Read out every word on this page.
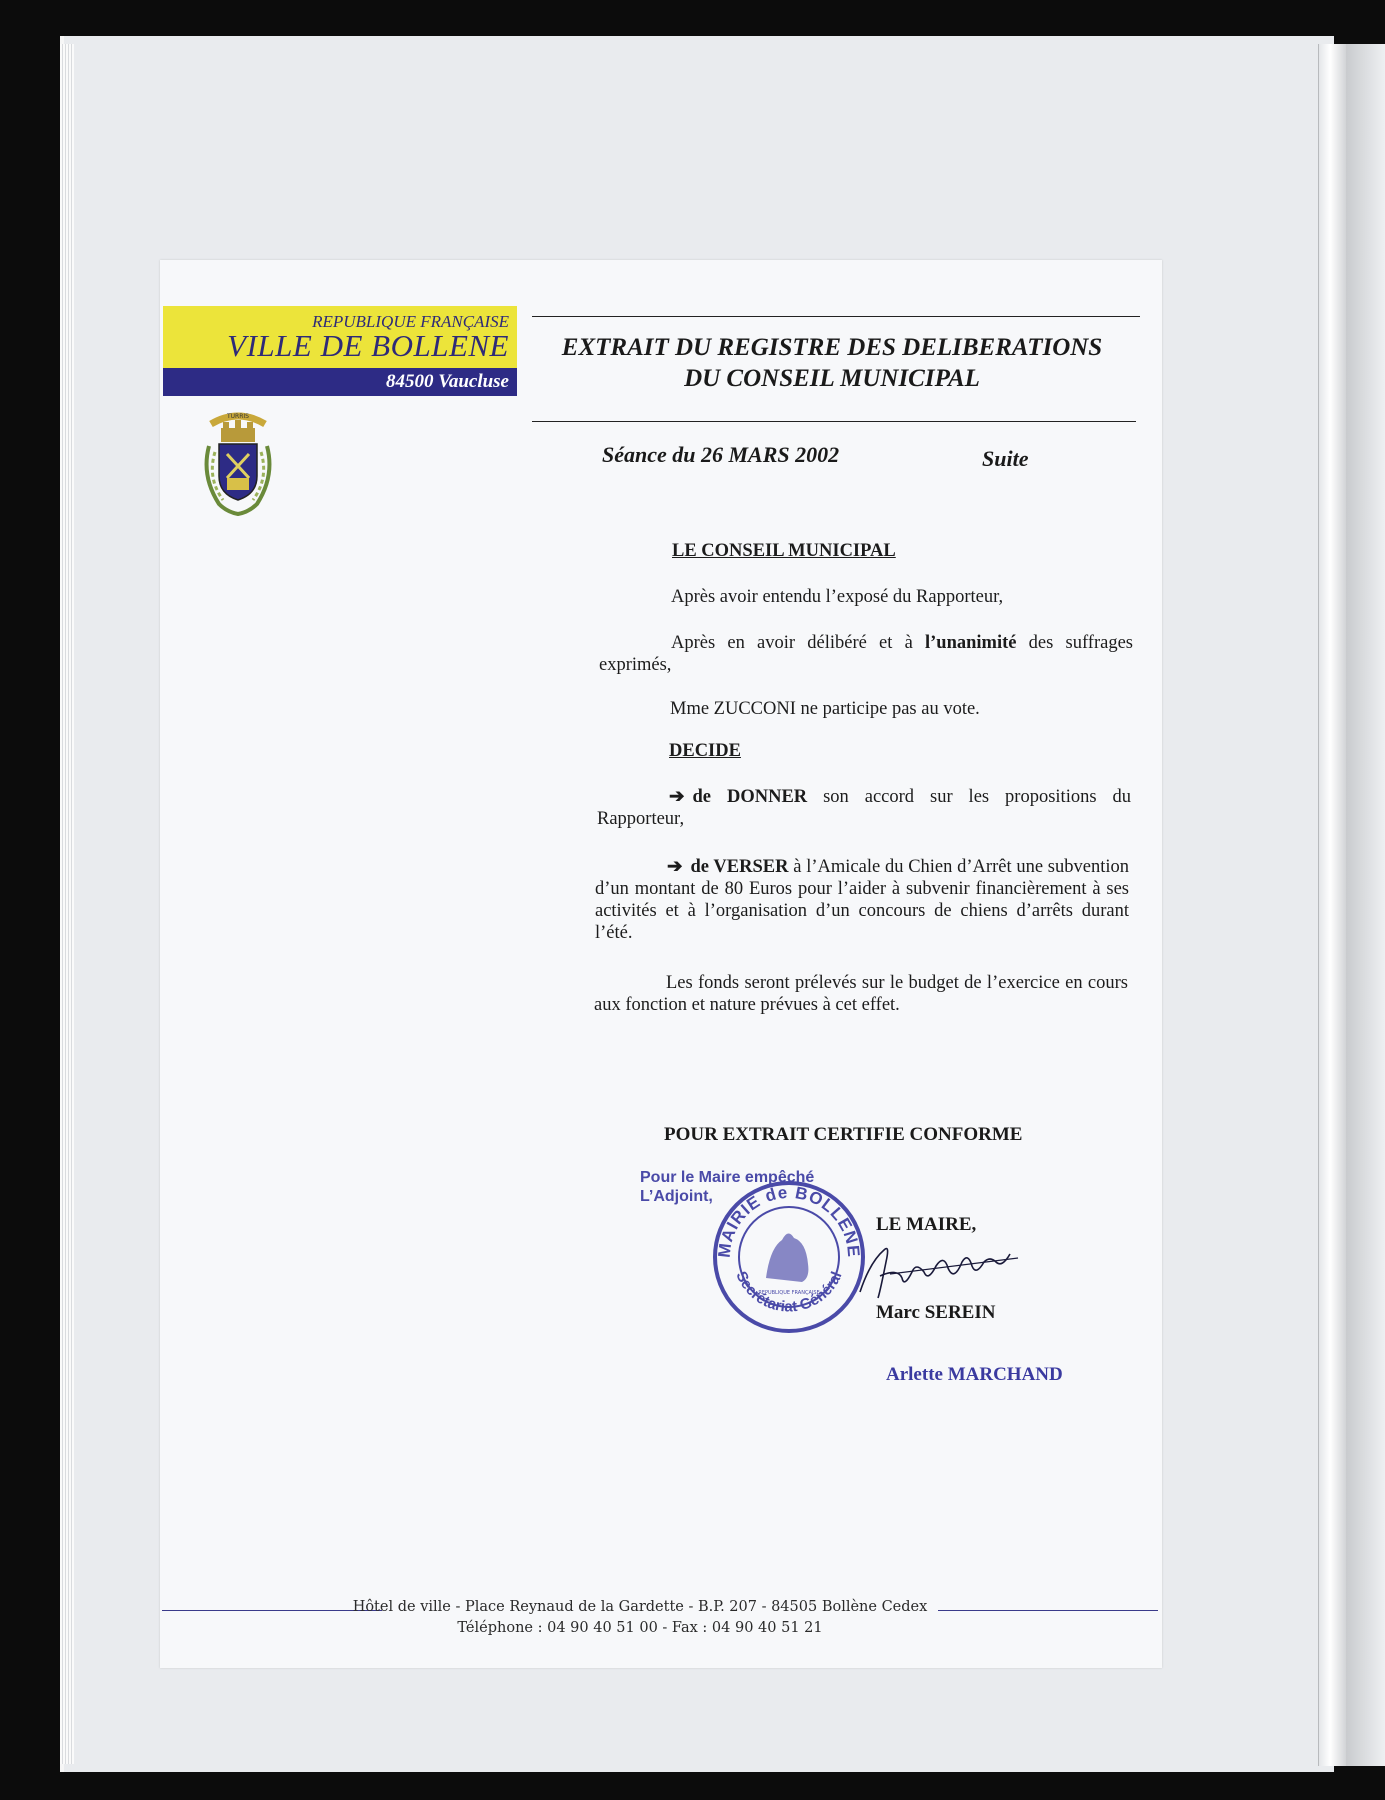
REPUBLIQUE FRANÇAISE
VILLE DE BOLLENE
84500 Vaucluse
TURRIS
EXTRAIT DU REGISTRE DES DELIBERATIONS
DU CONSEIL MUNICIPAL
Séance du 26 MARS 2002	Suite
LE CONSEIL MUNICIPAL
Après avoir entendu l’exposé du Rapporteur,
Après en avoir délibéré et à l’unanimité des suffrages exprimés,
Mme ZUCCONI ne participe pas au vote.
DECIDE
➔ de DONNER son accord sur les propositions du Rapporteur,
➔ de VERSER à l’Amicale du Chien d’Arrêt une subvention d’un montant de 80 Euros pour l’aider à subvenir financièrement à ses activités et à l’organisation d’un concours de chiens d’arrêts durant l’été.
Les fonds seront prélevés sur le budget de l’exercice en cours aux fonction et nature prévues à cet effet.
POUR EXTRAIT CERTIFIE CONFORME
Pour le Maire empêché
L’Adjoint,
MAIRIE de BOLLENE
Secrétariat Général
REPUBLIQUE FRANÇAISE
LE MAIRE,
Marc SEREIN
Arlette MARCHAND
Hôtel de ville - Place Reynaud de la Gardette - B.P. 207 - 84505 Bollène Cedex
Téléphone : 04 90 40 51 00 - Fax : 04 90 40 51 21
